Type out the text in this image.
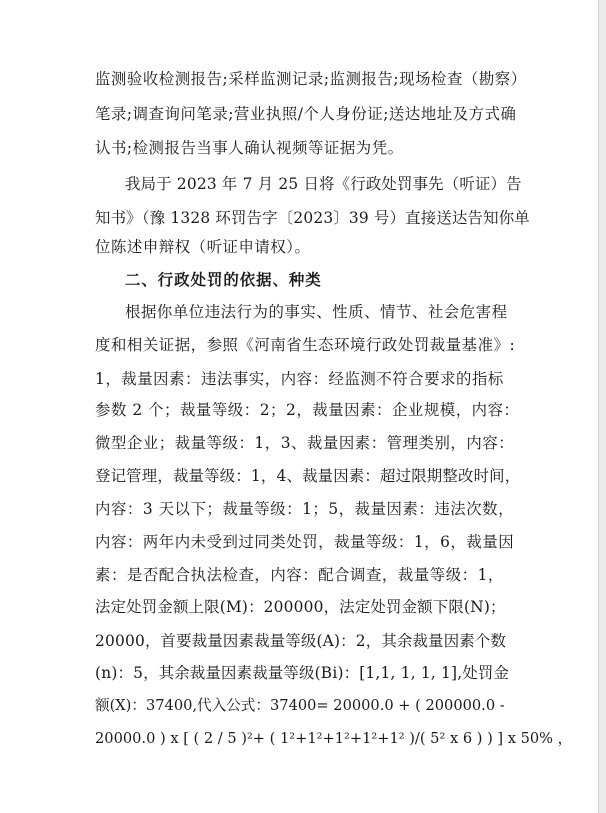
监测验收检测报告;采样监测记录;监测报告;现场检查（勘察）
笔录;调查询问笔录;营业执照/个人身份证;送达地址及方式确
认书;检测报告当事人确认视频等证据为凭。
我局于 2023 年 7 月 25 日将《行政处罚事先（听证）告
知书》（豫 1328 环罚告字〔2023〕39 号）直接送达告知你单
位陈述申辩权（听证申请权）。
二、行政处罚的依据、种类
根据你单位违法行为的事实、性质、情节、社会危害程
度和相关证据，参照《河南省生态环境行政处罚裁量基准》:
1，裁量因素：违法事实，内容：经监测不符合要求的指标
参数 2 个；裁量等级：2；2，裁量因素：企业规模，内容：
微型企业；裁量等级：1，3、裁量因素：管理类别，内容：
登记管理，裁量等级：1，4、裁量因素：超过限期整改时间，
内容：3 天以下；裁量等级：1；5，裁量因素：违法次数，
内容：两年内未受到过同类处罚，裁量等级：1，6，裁量因
素：是否配合执法检查，内容：配合调查，裁量等级：1，
法定处罚金额上限(M)：200000，法定处罚金额下限(N)；
20000，首要裁量因素裁量等级(A)：2，其余裁量因素个数
(n)：5，其余裁量因素裁量等级(Bi)：[1,1, 1, 1, 1],处罚金
额(X)：37400,代入公式：37400= 20000.0 + ( 200000.0 -
20000.0 ) x [ ( 2 / 5 )²+ ( 1²+1²+1²+1²+1² )/( 5² x 6 ) ) ] x 50% ，
